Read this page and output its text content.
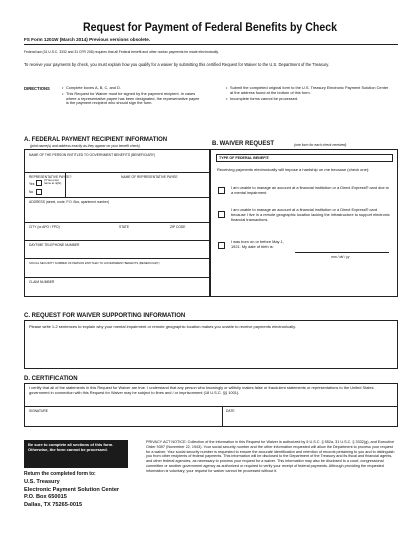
Request for Payment of Federal Benefits by Check
FS Form 1201W (March 2014) Previous versions obsolete.
Federal law (31 U.S.C. 3332 and 31 CFR 208) requires that all Federal benefit and other nontax payments be made electronically.
To receive your payments by check, you must explain how you qualify for a waiver by submitting this certified Request for Waiver to the U.S. Department of the Treasury.
DIRECTIONS
•	Complete boxes A, B, C, and D.
• This Request for Waiver must be signed by the payment recipient. In cases where a representative payee has been designated, the representative payee is the payment recipient who should sign the form.
• Submit the completed original form to the U.S. Treasury Electronic Payment Solution Center at the address found at the bottom of this form.
• Incomplete forms cannot be processed.
A. FEDERAL PAYMENT RECIPIENT INFORMATION
(print name(s) and address exactly as they appear on your benefit check)
NAME OF THE PERSON ENTITLED TO GOVERNMENT BENEFITS (BENEFICIARY)
REPRESENTATIVE PAYEE?
Yes
(If Yes enter name at right)
No
NAME OF REPRESENTATIVE PAYEE
ADDRESS (street, route, P.O. Box, apartment number)
CITY (or APO / FPO)	STATE	ZIP CODE
DAYTIME TELEPHONE NUMBER
SOCIAL SECURITY NUMBER OF PERSON ENTITLED TO GOVERNMENT BENEFITS (BENEFICIARY)
CLAIM NUMBER
B. WAIVER REQUEST	(one form for each check received)
TYPE OF FEDERAL BENEFIT:
Receiving payments electronically will impose a hardship on me because (check one):
I am unable to manage an account at a financial institution or a Direct Express® card due to a mental impairment.
I am unable to manage an account at a financial institution or a Direct Express® card because I live in a remote geographic location lacking the infrastructure to support electronic financial transactions.
I was born on or before May 1, 1921. My date of birth is:
mm / dd / yy
C. REQUEST FOR WAIVER SUPPORTING INFORMATION
Please write 1-2 sentences to explain why your mental impairment or remote geographic location makes you unable to receive payments electronically.
D. CERTIFICATION
I certify that all of the statements in this Request for Waiver are true. I understand that any person who knowingly or willfully makes false or fraudulent statements or representations to the United States government in connection with this Request for Waiver may be subject to fines and / or imprisonment (18 U.S.C. §§ 1001).
SIGNATURE	DATE
Be sure to complete all sections of this form. Otherwise, the form cannot be processed.
Return the completed form to:
U.S. Treasury
Electronic Payment Solution Center
P.O. Box 650015
Dallas, TX 75265-0015
PRIVACY ACT NOTICE: Collection of the information in this Request for Waiver is authorized by 5 U.S.C. § 552a, 31 U.S.C. § 3332(g), and Executive Order 9397 (November 22, 1943). Your social security number and the other information requested will allow the Department to process your request for a waiver. Your social security number is requested to ensure the accurate identification and retention of records pertaining to you and to distinguish you from other recipients of federal payments. This information will be disclosed to the Department of the Treasury and its fiscal and financial agents, and other federal agencies, as necessary to process your request for a waiver. This information may also be disclosed to a court, congressional committee or another government agency as authorized or required to verify your receipt of federal payments. Although providing the requested information is voluntary, your request for waiver cannot be processed without it.
